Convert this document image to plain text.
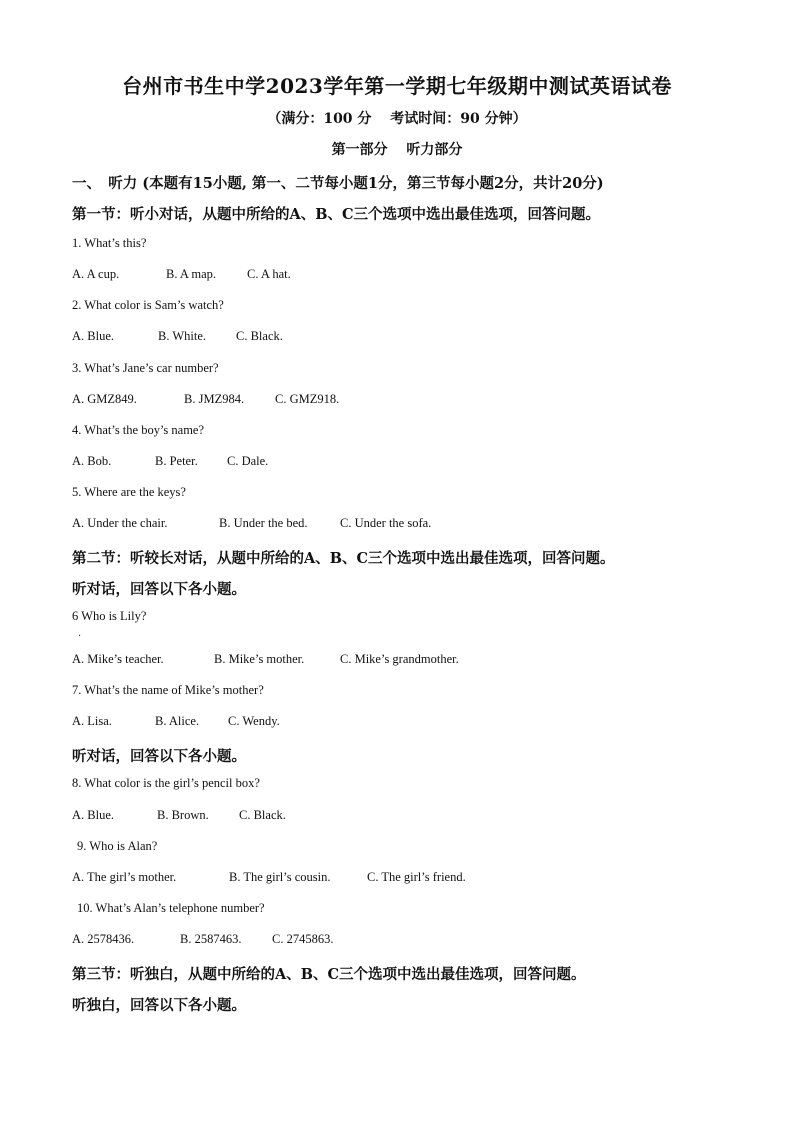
台州市书生中学2023学年第一学期七年级期中测试英语试卷
（满分：100 分　 考试时间：90 分钟）
第一部分　 听力部分
一、　听力 (本题有15小题, 第一、二节每小题1分，第三节每小题2分，共计20分)
第一节：听小对话，从题中所给的A、B、C三个选项中选出最佳选项，回答问题。
1. What’s this?
A. A cup.	B. A map. C. A hat.
2. What color is Sam’s watch?
A. Blue.	B. White. C. Black.
3. What’s Jane’s car number?
A. GMZ849.	B. JMZ984. C. GMZ918.
4. What’s the boy’s name?
A. Bob.	B. Peter. C. Dale.
5. Where are the keys?
A. Under the chair.	B. Under the bed.	C. Under the sofa.
第二节：听较长对话，从题中所给的A、B、C三个选项中选出最佳选项，回答问题。
听对话，回答以下各小题。
6 Who is Lily?
.
A. Mike’s teacher.	B. Mike’s mother.	C. Mike’s grandmother.
7. What’s the name of Mike’s mother?
A. Lisa.	B. Alice. C. Wendy.
听对话，回答以下各小题。
8. What color is the girl’s pencil box?
A. Blue.	B. Brown. C. Black.
9. Who is Alan?
A. The girl’s mother.	B. The girl’s cousin.	C. The girl’s friend.
10. What’s Alan’s telephone number?
A. 2578436.	B. 2587463. C. 2745863.
第三节：听独白，从题中所给的A、B、C三个选项中选出最佳选项，回答问题。
听独白，回答以下各小题。
